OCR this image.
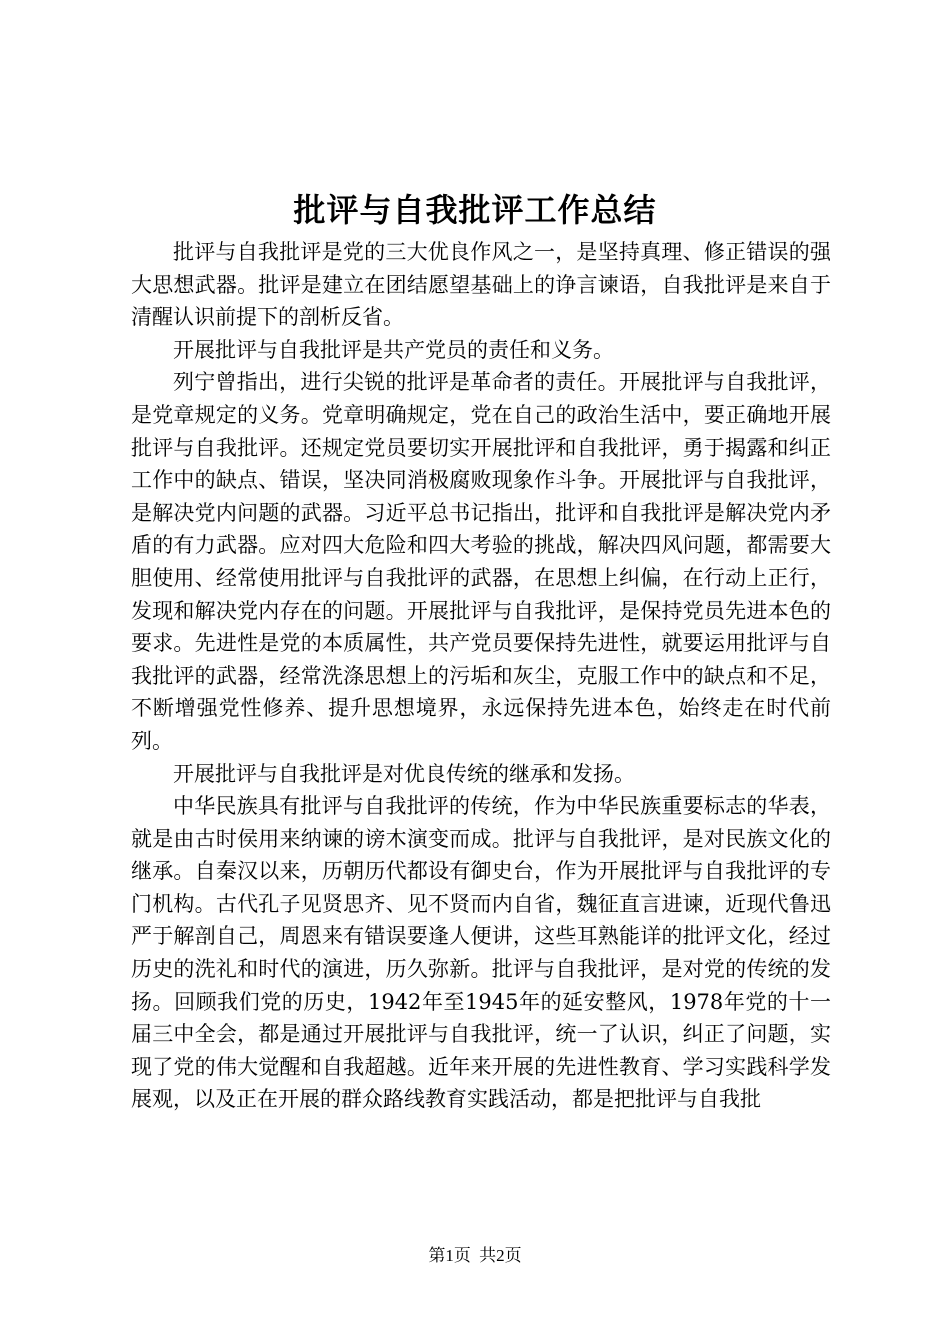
批评与自我批评工作总结

批评与自我批评是党的三大优良作风之一，是坚持真理、修正错误的强大思想武器。批评是建立在团结愿望基础上的诤言谏语，自我批评是来自于清醒认识前提下的剖析反省。

开展批评与自我批评是共产党员的责任和义务。

列宁曾指出，进行尖锐的批评是革命者的责任。开展批评与自我批评，是党章规定的义务。党章明确规定，党在自己的政治生活中，要正确地开展批评与自我批评。还规定党员要切实开展批评和自我批评，勇于揭露和纠正工作中的缺点、错误，坚决同消极腐败现象作斗争。开展批评与自我批评，是解决党内问题的武器。习近平总书记指出，批评和自我批评是解决党内矛盾的有力武器。应对四大危险和四大考验的挑战，解决四风问题，都需要大胆使用、经常使用批评与自我批评的武器，在思想上纠偏，在行动上正行，发现和解决党内存在的问题。开展批评与自我批评，是保持党员先进本色的要求。先进性是党的本质属性，共产党员要保持先进性，就要运用批评与自我批评的武器，经常洗涤思想上的污垢和灰尘，克服工作中的缺点和不足，不断增强党性修养、提升思想境界，永远保持先进本色，始终走在时代前列。

开展批评与自我批评是对优良传统的继承和发扬。

中华民族具有批评与自我批评的传统，作为中华民族重要标志的华表，就是由古时侯用来纳谏的谤木演变而成。批评与自我批评，是对民族文化的继承。自秦汉以来，历朝历代都设有御史台，作为开展批评与自我批评的专门机构。古代孔子见贤思齐、见不贤而内自省，魏征直言进谏，近现代鲁迅严于解剖自己，周恩来有错误要逢人便讲，这些耳熟能详的批评文化，经过历史的洗礼和时代的演进，历久弥新。批评与自我批评，是对党的传统的发扬。回顾我们党的历史，1942年至1945年的延安整风，1978年党的十一届三中全会，都是通过开展批评与自我批评，统一了认识，纠正了问题，实现了党的伟大觉醒和自我超越。近年来开展的先进性教育、学习实践科学发展观，以及正在开展的群众路线教育实践活动，都是把批评与自我批

第1页 共2页
